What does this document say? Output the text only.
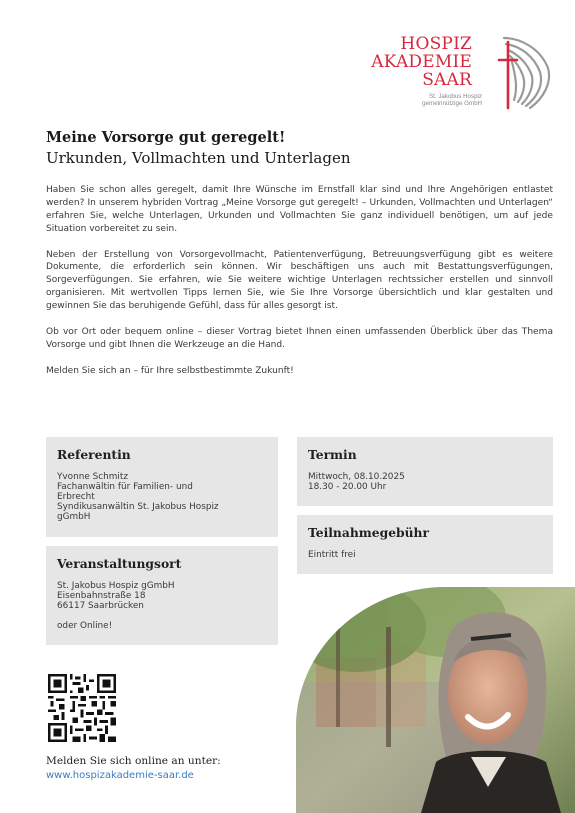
HOSPIZ
AKADEMIE
SAAR
St. Jakobus Hospiz gemeinnützige GmbH
Meine Vorsorge gut geregelt!
Urkunden, Vollmachten und Unterlagen

Haben Sie schon alles geregelt, damit Ihre Wünsche im Ernstfall klar sind und Ihre Angehörigen entlastet werden? In unserem hybriden Vortrag „Meine Vorsorge gut geregelt! – Urkunden, Vollmachten und Unterlagen“ erfahren Sie, welche Unterlagen, Urkunden und Vollmachten Sie ganz individuell benötigen, um auf jede Situation vorbereitet zu sein.

Neben der Erstellung von Vorsorgevollmacht, Patientenverfügung, Betreuungsverfügung gibt es weitere Dokumente, die erforderlich sein können. Wir beschäftigen uns auch mit Bestattungsverfügungen, Sorgeverfügungen. Sie erfahren, wie Sie weitere wichtige Unterlagen rechtssicher erstellen und sinnvoll organisieren. Mit wertvollen Tipps lernen Sie, wie Sie Ihre Vorsorge übersichtlich und klar gestalten und gewinnen Sie das beruhigende Gefühl, dass für alles gesorgt ist.

Ob vor Ort oder bequem online – dieser Vortrag bietet Ihnen einen umfassenden Überblick über das Thema Vorsorge und gibt Ihnen die Werkzeuge an die Hand.

Melden Sie sich an – für Ihre selbstbestimmte Zukunft!

Referentin
Yvonne Schmitz
Fachanwältin für Familien- und
Erbrecht
Syndikusanwältin St. Jakobus Hospiz
gGmbH
Termin
Mittwoch, 08.10.2025
18.30 - 20.00 Uhr
Teilnahmegebühr
Eintritt frei
Veranstaltungsort
St. Jakobus Hospiz gGmbH
Eisenbahnstraße 18
66117 Saarbrücken
oder Online!
Melden Sie sich online an unter:
www.hospizakademie-saar.de
